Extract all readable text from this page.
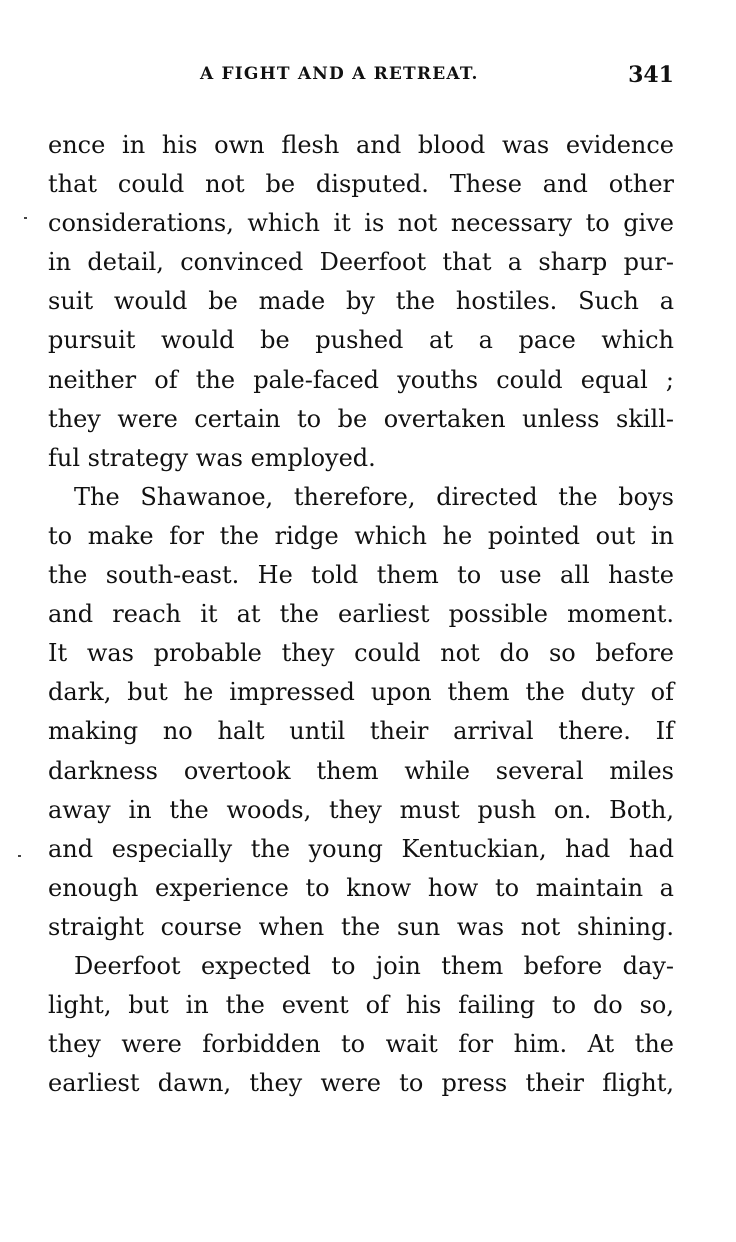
A FIGHT AND A RETREAT.	341
ence in his own flesh and blood was evidence
that could not be disputed. These and other
considerations, which it is not necessary to give
in detail, convinced Deerfoot that a sharp pur-
suit would be made by the hostiles. Such a
pursuit would be pushed at a pace which
neither of the pale-faced youths could equal ;
they were certain to be overtaken unless skill-
ful strategy was employed.
The Shawanoe, therefore, directed the boys
to make for the ridge which he pointed out in
the south-east. He told them to use all haste
and reach it at the earliest possible moment.
It was probable they could not do so before
dark, but he impressed upon them the duty of
making no halt until their arrival there. If
darkness overtook them while several miles
away in the woods, they must push on. Both,
and especially the young Kentuckian, had had
enough experience to know how to maintain a
straight course when the sun was not shining.
Deerfoot expected to join them before day-
light, but in the event of his failing to do so,
they were forbidden to wait for him. At the
earliest dawn, they were to press their flight,
